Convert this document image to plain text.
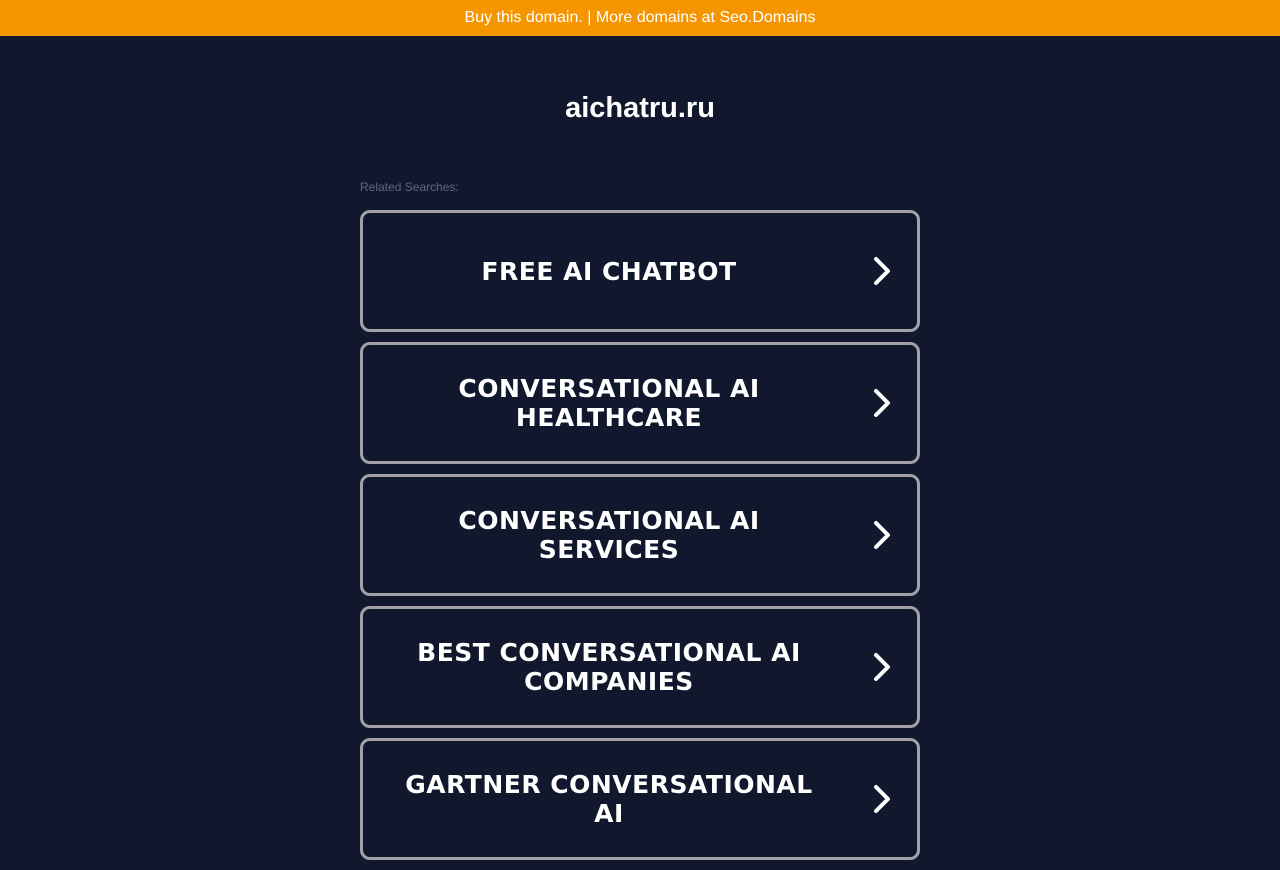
Buy this domain. | More domains at Seo.Domains
aichatru.ru
Related Searches:
FREE AI CHATBOT
CONVERSATIONAL AI HEALTHCARE
CONVERSATIONAL AI SERVICES
BEST CONVERSATIONAL AI COMPANIES
GARTNER CONVERSATIONAL AI
